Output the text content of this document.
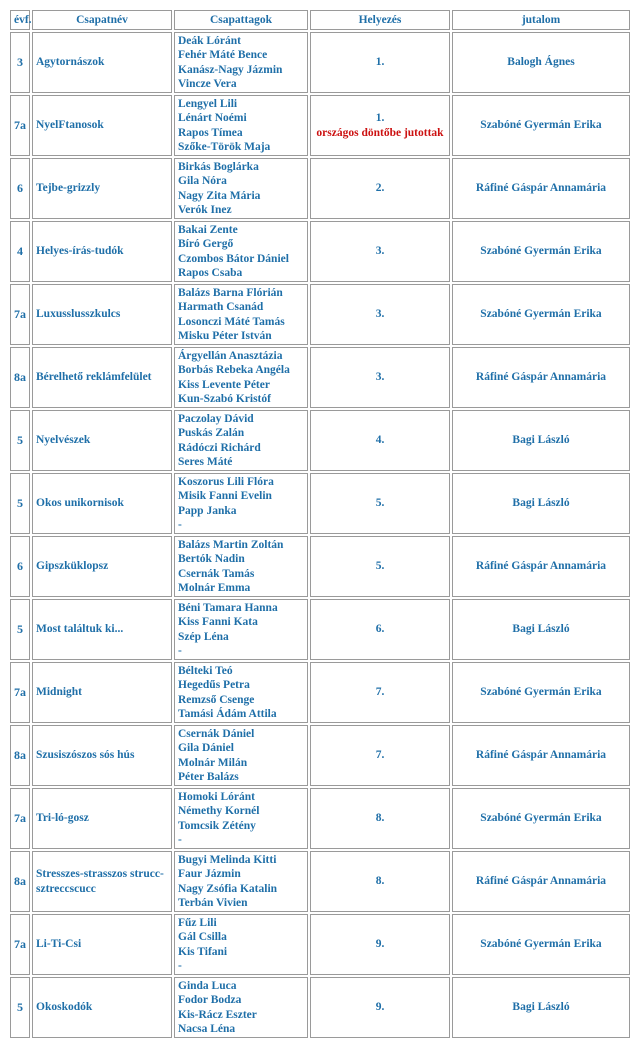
évf.	Csapatnév	Csapattagok	Helyezés	jutalom
3	Agytornászok	Deák Lóránt
Fehér Máté Bence
Kanász-Nagy Jázmin
Vincze Vera	1.	Balogh Ágnes
7a	NyelFtanosok	Lengyel Lili
Lénárt Noémi
Rapos Tímea
Szőke-Török Maja	1.
országos döntőbe jutottak	Szabóné Gyermán Erika
6	Tejbe-grizzly	Birkás Boglárka
Gila Nóra
Nagy Zita Mária
Verók Inez	2.	Ráfiné Gáspár Annamária
4	Helyes-írás-tudók	Bakai Zente
Bíró Gergő
Czombos Bátor Dániel
Rapos Csaba	3.	Szabóné Gyermán Erika
7a	Luxusslusszkulcs	Balázs Barna Flórián
Harmath Csanád
Losonczi Máté Tamás
Misku Péter István	3.	Szabóné Gyermán Erika
8a	Bérelhető reklámfelület	Árgyellán Anasztázia
Borbás Rebeka Angéla
Kiss Levente Péter
Kun-Szabó Kristóf	3.	Ráfiné Gáspár Annamária
5	Nyelvészek	Paczolay Dávid
Puskás Zalán
Rádóczi Richárd
Seres Máté	4.	Bagi László
5	Okos unikornisok	Koszorus Lili Flóra
Misik Fanni Evelin
Papp Janka
-	5.	Bagi László
6	Gipszküklopsz	Balázs Martin Zoltán
Bertók Nadin
Csernák Tamás
Molnár Emma	5.	Ráfiné Gáspár Annamária
5	Most találtuk ki...	Béni Tamara Hanna
Kiss Fanni Kata
Szép Léna
-	6.	Bagi László
7a	Midnight	Bélteki Teó
Hegedűs Petra
Remzső Csenge
Tamási Ádám Attila	7.	Szabóné Gyermán Erika
8a	Szusiszószos sós hús	Csernák Dániel
Gila Dániel
Molnár Milán
Péter Balázs	7.	Ráfiné Gáspár Annamária
7a	Tri-ló-gosz	Homoki Lóránt
Némethy Kornél
Tomcsik Zétény
-	8.	Szabóné Gyermán Erika
8a	Stresszes-strasszos strucc-sztreccscucc	Bugyi Melinda Kitti
Faur Jázmin
Nagy Zsófia Katalin
Terbán Vivien	8.	Ráfiné Gáspár Annamária
7a	Li-Ti-Csi	Fűz Lili
Gál Csilla
Kis Tifani
-	9.	Szabóné Gyermán Erika
5	Okoskodók	Ginda Luca
Fodor Bodza
Kis-Rácz Eszter
Nacsa Léna	9.	Bagi László
